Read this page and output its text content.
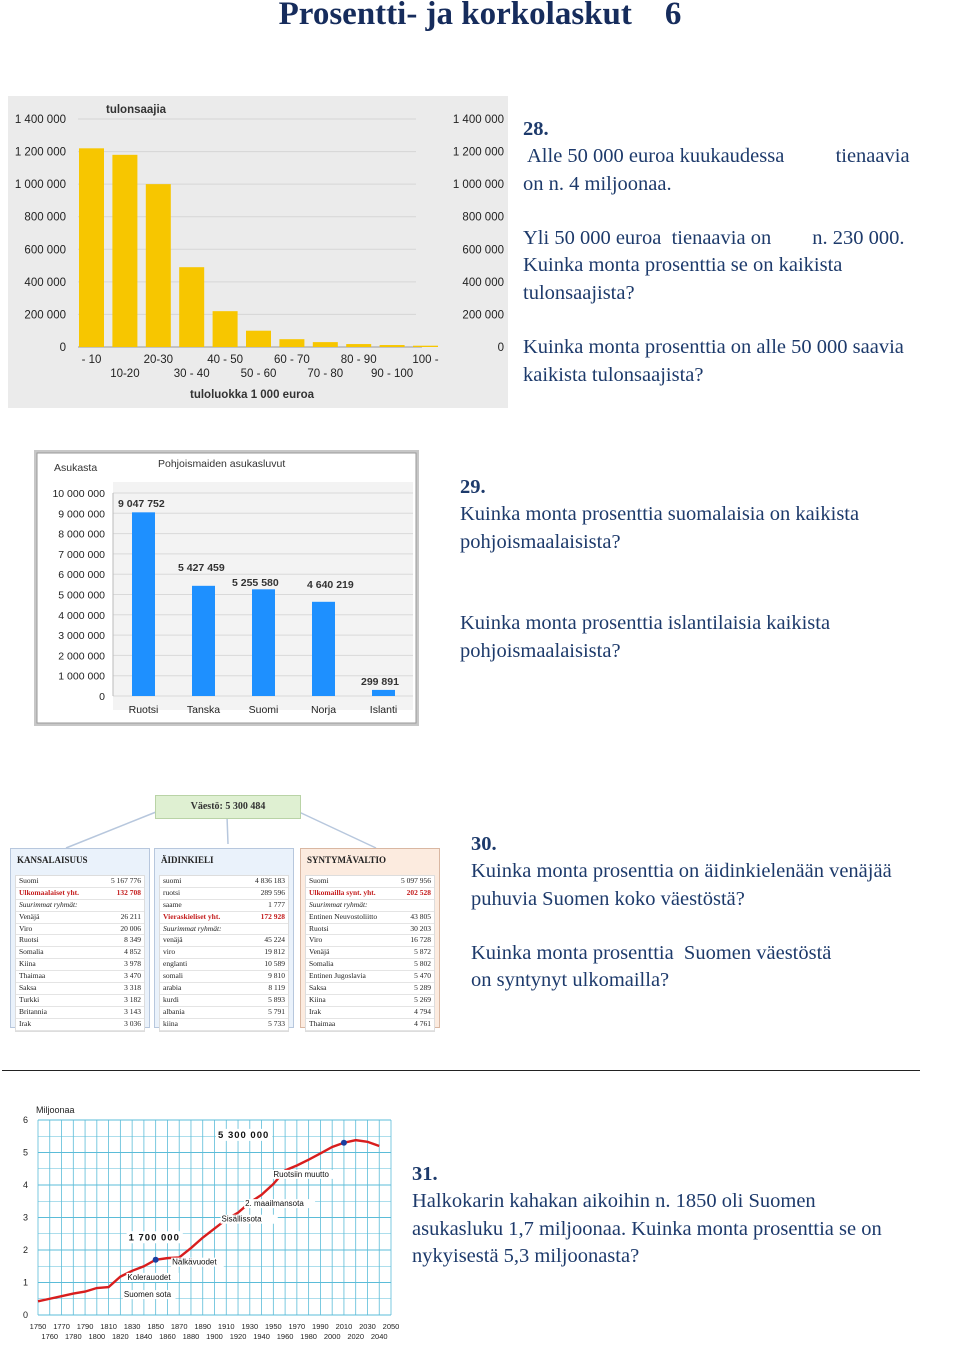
Prosentti- ja korkolaskut    6
tulonsaajia
tuloluokka 1 000 euroa
0
200 000
400 000
600 000
800 000
1 000 000
1 200 000
1 400 000
0
200 000
400 000
600 000
800 000
1 000 000
1 200 000
1 400 000
- 10
10-20
20-30
30 - 40
40 - 50
50 - 60
60 - 70
70 - 80
80 - 90
90 - 100
100 -

28.

Alle 50 000 euroa kuukaudessa          tienaavia

on n. 4 miljoonaa.

Yli 50 000 euroa  tienaavia on        n. 230 000.

Kuinka monta prosenttia se on kaikista

tulonsaajista?

Kuinka monta prosenttia on alle 50 000 saavia

kaikista tulonsaajista?

Asukasta	Pohjoismaiden asukasluvut
0
1 000 000
2 000 000
3 000 000
4 000 000
5 000 000
6 000 000
7 000 000
8 000 000
9 000 000
10 000 000
Ruotsi	Tanska	Suomi	Norja	Islanti
9 047 752
5 427 459
5 255 580	4 640 219
299 891

29.

Kuinka monta prosenttia suomalaisia on kaikista

pohjoismaalaisista?

Kuinka monta prosenttia islantilaisia kaikista

pohjoismaalaisista?

Väestö: 5 300 484
KANSALAISUUS
Suomi	5 167 776
Ulkomaalaiset yht.	132 708
Suurimmat ryhmät:
Venäjä	26 211
Viro	20 006
Ruotsi	8 349
Somalia	4 852
Kiina	3 978
Thaimaa	3 470
Saksa	3 318
Turkki	3 182
Britannia	3 143
Irak	3 036
ÄIDINKIELI
suomi	4 836 183
ruotsi	289 596
saame	1 777
Vieraskieliset yht.	172 928
Suurimmat ryhmät:
venäjä	45 224
viro	19 812
englanti	10 589
somali	9 810
arabia	8 119
kurdi	5 893
albania	5 791
kiina	5 733
SYNTYMÄVALTIO
Suomi	5 097 956
Ulkomailla synt. yht.	202 528
Suurimmat ryhmät:
Entinen Neuvostoliitto	43 805
Ruotsi	30 203
Viro	16 728
Venäjä	5 872
Somalia	5 802
Entinen Jugoslavia	5 470
Saksa	5 289
Kiina	5 269
Irak	4 794
Thaimaa	4 761

30.

Kuinka monta prosenttia on äidinkielenään venäjää

puhuvia Suomen koko väestöstä?

Kuinka monta prosenttia  Suomen väestöstä

on syntynyt ulkomailla?

Miljoonaa
0
1
2
3
4
5
6
1750 1770 1790 1810 1830 1850 1870 1890 1910 1930 1950 1970 1990 2010 2030 2050
1760 1780 1800 1820 1840 1860 1880 1900 1920 1940 1960 1980 2000 2020 2040
5 300 000
1 700 000
Ruotsiin muutto
2. maailmansota
Sisällissota
Nälkävuodet
Kolerauodet
Suomen sota

31.

Halkokarin kahakan aikoihin n. 1850 oli Suomen

asukasluku 1,7 miljoonaa. Kuinka monta prosenttia se on

nykyisestä 5,3 miljoonasta?
